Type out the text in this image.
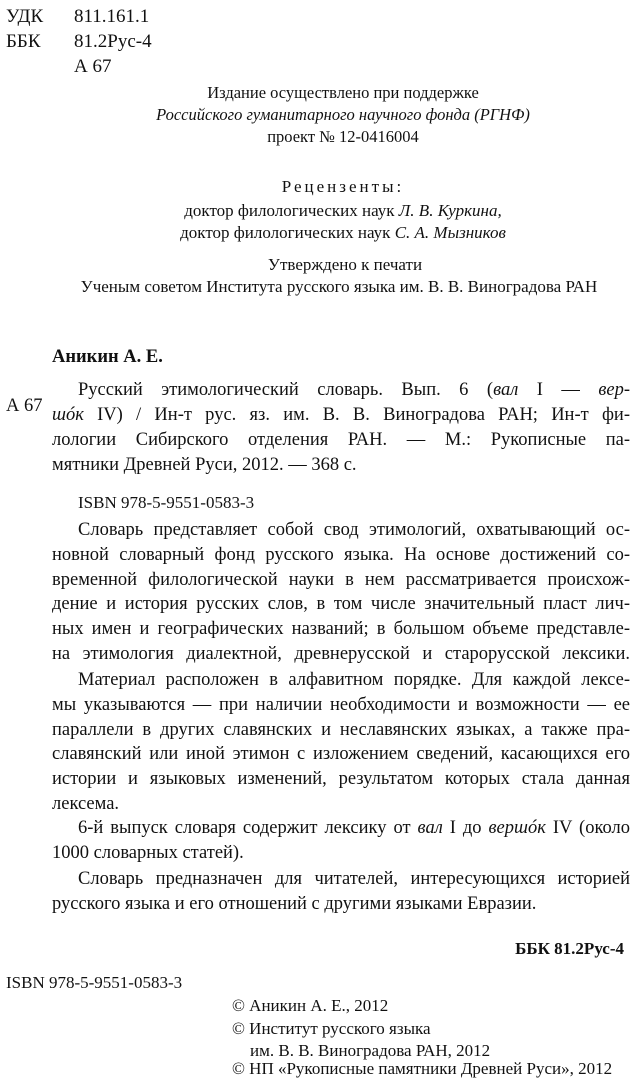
УДК 811.161.1
ББК 81.2Рус-4
А 67
Издание осуществлено при поддержке
Российского гуманитарного научного фонда (РГНФ)
проект № 12-0416004
Рецензенты:
доктор филологических наук Л. В. Куркина,
доктор филологических наук С. А. Мызников
Утверждено к печати
Ученым советом Института русского языка им. В. В. Виноградова РАН
Аникин А. Е.
А 67
Русский этимологический словарь. Вып. 6 (вал I — вер-
шóк IV) / Ин-т рус. яз. им. В. В. Виноградова РАН; Ин-т фи-
лологии Сибирского отделения РАН. — М.: Рукописные па-
мятники Древней Руси, 2012. — 368 с.
ISBN 978-5-9551-0583-3
Словарь представляет собой свод этимологий, охватывающий ос-
новной словарный фонд русского языка. На основе достижений со-
временной филологической науки в нем рассматривается происхож-
дение и история русских слов, в том числе значительный пласт лич-
ных имен и географических названий; в большом объеме представле-
на этимология диалектной, древнерусской и старорусской лексики.
Материал расположен в алфавитном порядке. Для каждой лексе-
мы указываются — при наличии необходимости и возможности — ее
параллели в других славянских и неславянских языках, а также пра-
славянский или иной этимон с изложением сведений, касающихся его
истории и языковых изменений, результатом которых стала данная
лексема.
6-й выпуск словаря содержит лексику от вал I до вершóк IV (около
1000 словарных статей).
Словарь предназначен для читателей, интересующихся историей
русского языка и его отношений с другими языками Евразии.
ББК 81.2Рус-4
ISBN 978-5-9551-0583-3
© Аникин А. Е., 2012
© Институт русского языка
им. В. В. Виноградова РАН, 2012
© НП «Рукописные памятники Древней Руси», 2012
